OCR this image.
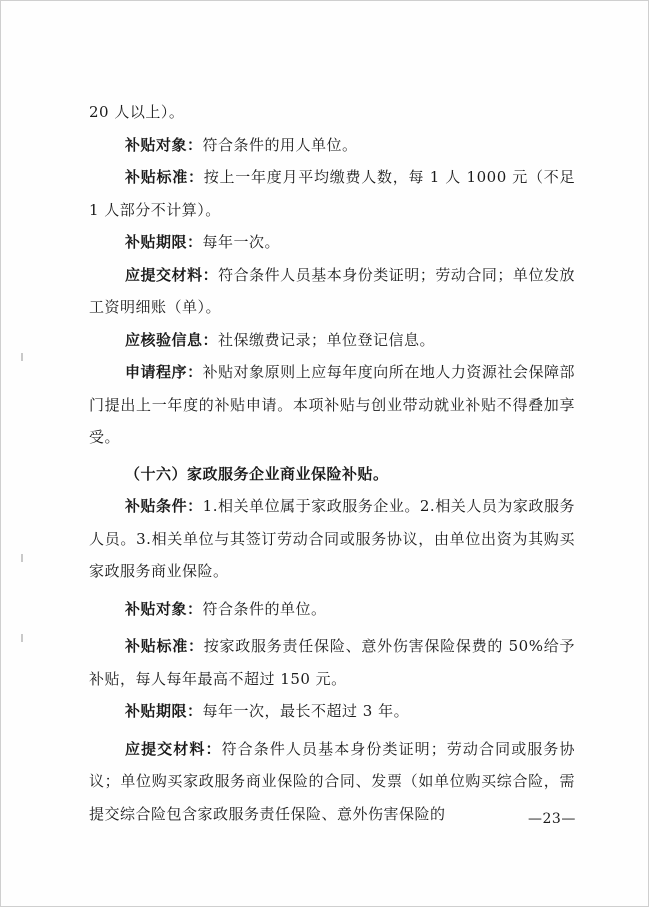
20 人以上）。

补贴对象：符合条件的用人单位。

补贴标准：按上一年度月平均缴费人数，每 1 人 1000 元（不足 1 人部分不计算）。

补贴期限：每年一次。

应提交材料：符合条件人员基本身份类证明；劳动合同；单位发放工资明细账（单）。

应核验信息：社保缴费记录；单位登记信息。

申请程序：补贴对象原则上应每年度向所在地人力资源社会保障部门提出上一年度的补贴申请。本项补贴与创业带动就业补贴不得叠加享受。

（十六）家政服务企业商业保险补贴。

补贴条件：1.相关单位属于家政服务企业。2.相关人员为家政服务人员。3.相关单位与其签订劳动合同或服务协议，由单位出资为其购买家政服务商业保险。

补贴对象：符合条件的单位。

补贴标准：按家政服务责任保险、意外伤害保险保费的 50%给予补贴，每人每年最高不超过 150 元。

补贴期限：每年一次，最长不超过 3 年。

应提交材料：符合条件人员基本身份类证明；劳动合同或服务协议；单位购买家政服务商业保险的合同、发票（如单位购买综合险，需提交综合险包含家政服务责任保险、意外伤害保险的	—23—
